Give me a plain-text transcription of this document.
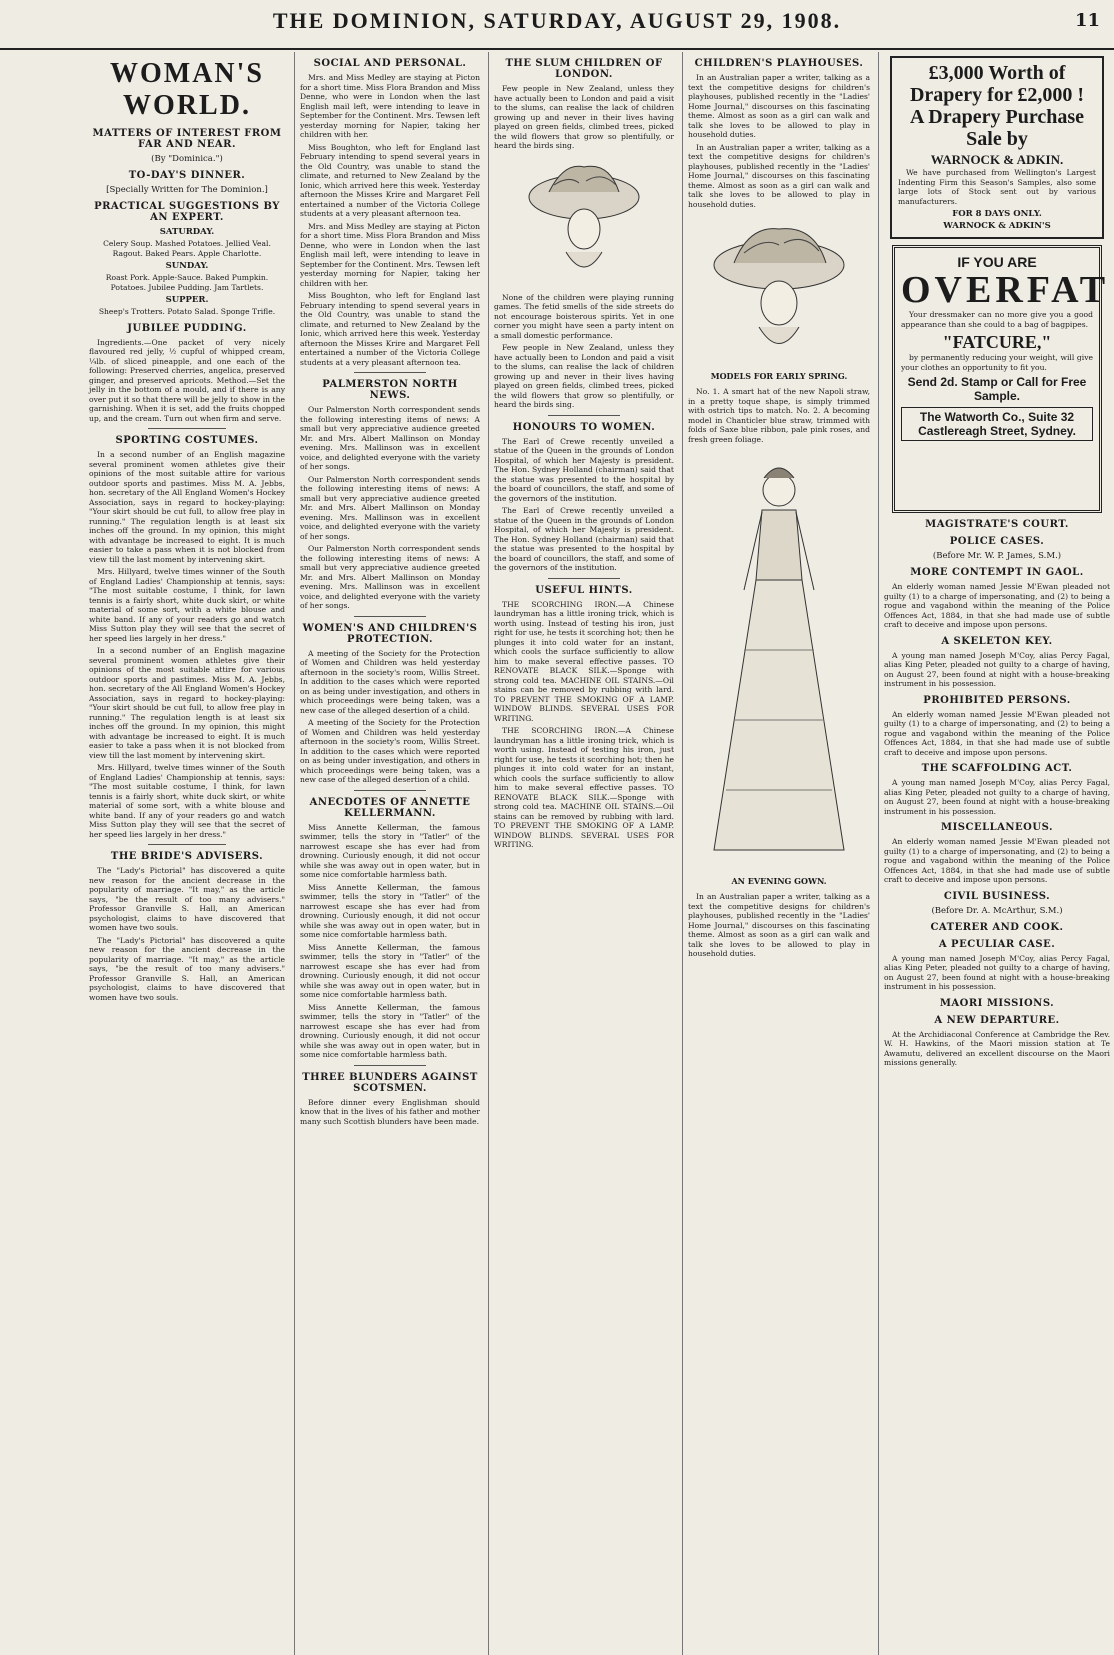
THE DOMINION, SATURDAY, AUGUST 29, 1908.	11
WOMAN'S WORLD.
MATTERS OF INTEREST FROM FAR AND NEAR.
(By "Dominica.")
TO-DAY'S DINNER.
[Specially Written for The Dominion.]
PRACTICAL SUGGESTIONS BY AN EXPERT.
SATURDAY.

Celery Soup. Mashed Potatoes. Jellied Veal. Ragout. Baked Pears. Apple Charlotte.

SUNDAY.

Roast Pork. Apple-Sauce. Baked Pumpkin. Potatoes. Jubilee Pudding. Jam Tartlets.

SUPPER.

Sheep's Trotters. Potato Salad. Sponge Trifle.

JUBILEE PUDDING.

Ingredients.—One packet of very nicely flavoured red jelly, ½ cupful of whipped cream, ¼lb. of sliced pineapple, and one each of the following: Preserved cherries, angelica, preserved ginger, and preserved apricots. Method.—Set the jelly in the bottom of a mould, and if there is any over put it so that there will be jelly to show in the garnishing. When it is set, add the fruits chopped up, and the cream. Turn out when firm and serve.

SPORTING COSTUMES.

In a second number of an English magazine several prominent women athletes give their opinions of the most suitable attire for various outdoor sports and pastimes. Miss M. A. Jebbs, hon. secretary of the All England Women's Hockey Association, says in regard to hockey-playing: "Your skirt should be cut full, to allow free play in running." The regulation length is at least six inches off the ground. In my opinion, this might with advantage be increased to eight. It is much easier to take a pass when it is not blocked from view till the last moment by intervening skirt.

Mrs. Hillyard, twelve times winner of the South of England Ladies' Championship at tennis, says: "The most suitable costume, I think, for lawn tennis is a fairly short, white duck skirt, or white material of some sort, with a white blouse and white band. If any of your readers go and watch Miss Sutton play they will see that the secret of her speed lies largely in her dress."

In a second number of an English magazine several prominent women athletes give their opinions of the most suitable attire for various outdoor sports and pastimes. Miss M. A. Jebbs, hon. secretary of the All England Women's Hockey Association, says in regard to hockey-playing: "Your skirt should be cut full, to allow free play in running." The regulation length is at least six inches off the ground. In my opinion, this might with advantage be increased to eight. It is much easier to take a pass when it is not blocked from view till the last moment by intervening skirt.

Mrs. Hillyard, twelve times winner of the South of England Ladies' Championship at tennis, says: "The most suitable costume, I think, for lawn tennis is a fairly short, white duck skirt, or white material of some sort, with a white blouse and white band. If any of your readers go and watch Miss Sutton play they will see that the secret of her speed lies largely in her dress."

THE BRIDE'S ADVISERS.

The "Lady's Pictorial" has discovered a quite new reason for the ancient decrease in the popularity of marriage. "It may," as the article says, "be the result of too many advisers." Professor Granville S. Hall, an American psychologist, claims to have discovered that women have two souls.

The "Lady's Pictorial" has discovered a quite new reason for the ancient decrease in the popularity of marriage. "It may," as the article says, "be the result of too many advisers." Professor Granville S. Hall, an American psychologist, claims to have discovered that women have two souls.

SOCIAL AND PERSONAL.

Mrs. and Miss Medley are staying at Picton for a short time. Miss Flora Brandon and Miss Denne, who were in London when the last English mail left, were intending to leave in September for the Continent. Mrs. Tewsen left yesterday morning for Napier, taking her children with her.

Miss Boughton, who left for England last February intending to spend several years in the Old Country, was unable to stand the climate, and returned to New Zealand by the Ionic, which arrived here this week. Yesterday afternoon the Misses Krire and Margaret Fell entertained a number of the Victoria College students at a very pleasant afternoon tea.

Mrs. and Miss Medley are staying at Picton for a short time. Miss Flora Brandon and Miss Denne, who were in London when the last English mail left, were intending to leave in September for the Continent. Mrs. Tewsen left yesterday morning for Napier, taking her children with her.

Miss Boughton, who left for England last February intending to spend several years in the Old Country, was unable to stand the climate, and returned to New Zealand by the Ionic, which arrived here this week. Yesterday afternoon the Misses Krire and Margaret Fell entertained a number of the Victoria College students at a very pleasant afternoon tea.

PALMERSTON NORTH NEWS.

Our Palmerston North correspondent sends the following interesting items of news: A small but very appreciative audience greeted Mr. and Mrs. Albert Mallinson on Monday evening. Mrs. Mallinson was in excellent voice, and delighted everyone with the variety of her songs.

Our Palmerston North correspondent sends the following interesting items of news: A small but very appreciative audience greeted Mr. and Mrs. Albert Mallinson on Monday evening. Mrs. Mallinson was in excellent voice, and delighted everyone with the variety of her songs.

Our Palmerston North correspondent sends the following interesting items of news: A small but very appreciative audience greeted Mr. and Mrs. Albert Mallinson on Monday evening. Mrs. Mallinson was in excellent voice, and delighted everyone with the variety of her songs.

WOMEN'S AND CHILDREN'S PROTECTION.

A meeting of the Society for the Protection of Women and Children was held yesterday afternoon in the society's room, Willis Street. In addition to the cases which were reported on as being under investigation, and others in which proceedings were being taken, was a new case of the alleged desertion of a child.

A meeting of the Society for the Protection of Women and Children was held yesterday afternoon in the society's room, Willis Street. In addition to the cases which were reported on as being under investigation, and others in which proceedings were being taken, was a new case of the alleged desertion of a child.

ANECDOTES OF ANNETTE KELLERMANN.

Miss Annette Kellerman, the famous swimmer, tells the story in "Tatler" of the narrowest escape she has ever had from drowning. Curiously enough, it did not occur while she was away out in open water, but in some nice comfortable harmless bath.

Miss Annette Kellerman, the famous swimmer, tells the story in "Tatler" of the narrowest escape she has ever had from drowning. Curiously enough, it did not occur while she was away out in open water, but in some nice comfortable harmless bath.

Miss Annette Kellerman, the famous swimmer, tells the story in "Tatler" of the narrowest escape she has ever had from drowning. Curiously enough, it did not occur while she was away out in open water, but in some nice comfortable harmless bath.

Miss Annette Kellerman, the famous swimmer, tells the story in "Tatler" of the narrowest escape she has ever had from drowning. Curiously enough, it did not occur while she was away out in open water, but in some nice comfortable harmless bath.

THREE BLUNDERS AGAINST SCOTSMEN.

Before dinner every Englishman should know that in the lives of his father and mother many such Scottish blunders have been made.

THE SLUM CHILDREN OF LONDON.

Few people in New Zealand, unless they have actually been to London and paid a visit to the slums, can realise the lack of children growing up and never in their lives having played on green fields, climbed trees, picked the wild flowers that grow so plentifully, or heard the birds sing.

None of the children were playing running games. The fetid smells of the side streets do not encourage boisterous spirits. Yet in one corner you might have seen a party intent on a small domestic performance.

Few people in New Zealand, unless they have actually been to London and paid a visit to the slums, can realise the lack of children growing up and never in their lives having played on green fields, climbed trees, picked the wild flowers that grow so plentifully, or heard the birds sing.

HONOURS TO WOMEN.

The Earl of Crewe recently unveiled a statue of the Queen in the grounds of London Hospital, of which her Majesty is president. The Hon. Sydney Holland (chairman) said that the statue was presented to the hospital by the board of councillors, the staff, and some of the governors of the institution.

The Earl of Crewe recently unveiled a statue of the Queen in the grounds of London Hospital, of which her Majesty is president. The Hon. Sydney Holland (chairman) said that the statue was presented to the hospital by the board of councillors, the staff, and some of the governors of the institution.

USEFUL HINTS.

THE SCORCHING IRON.—A Chinese laundryman has a little ironing trick, which is worth using. Instead of testing his iron, just right for use, he tests it scorching hot; then he plunges it into cold water for an instant, which cools the surface sufficiently to allow him to make several effective passes. TO RENOVATE BLACK SILK.—Sponge with strong cold tea. MACHINE OIL STAINS.—Oil stains can be removed by rubbing with lard. TO PREVENT THE SMOKING OF A LAMP. WINDOW BLINDS. SEVERAL USES FOR WRITING.

THE SCORCHING IRON.—A Chinese laundryman has a little ironing trick, which is worth using. Instead of testing his iron, just right for use, he tests it scorching hot; then he plunges it into cold water for an instant, which cools the surface sufficiently to allow him to make several effective passes. TO RENOVATE BLACK SILK.—Sponge with strong cold tea. MACHINE OIL STAINS.—Oil stains can be removed by rubbing with lard. TO PREVENT THE SMOKING OF A LAMP. WINDOW BLINDS. SEVERAL USES FOR WRITING.

CHILDREN'S PLAYHOUSES.

In an Australian paper a writer, talking as a text the competitive designs for children's playhouses, published recently in the "Ladies' Home Journal," discourses on this fascinating theme. Almost as soon as a girl can walk and talk she loves to be allowed to play in household duties.

In an Australian paper a writer, talking as a text the competitive designs for children's playhouses, published recently in the "Ladies' Home Journal," discourses on this fascinating theme. Almost as soon as a girl can walk and talk she loves to be allowed to play in household duties.

MODELS FOR EARLY SPRING.

No. 1. A smart hat of the new Napoli straw, in a pretty toque shape, is simply trimmed with ostrich tips to match. No. 2. A becoming model in Chanticler blue straw, trimmed with folds of Saxe blue ribbon, pale pink roses, and fresh green foliage.

AN EVENING GOWN.

In an Australian paper a writer, talking as a text the competitive designs for children's playhouses, published recently in the "Ladies' Home Journal," discourses on this fascinating theme. Almost as soon as a girl can walk and talk she loves to be allowed to play in household duties.

£3,000 Worth of Drapery for £2,000 !
A Drapery Purchase Sale by
WARNOCK & ADKIN.

We have purchased from Wellington's Largest Indenting Firm this Season's Samples, also some large lots of Stock sent out by various manufacturers.

FOR 8 DAYS ONLY.
WARNOCK & ADKIN'S
IF YOU ARE
OVERFAT

Your dressmaker can no more give you a good appearance than she could to a bag of bagpipes.

"FATCURE,"

by permanently reducing your weight, will give your clothes an opportunity to fit you.

Send 2d. Stamp or Call for Free Sample.
The Watworth Co., Suite 32 Castlereagh Street, Sydney.
MAGISTRATE'S COURT.
POLICE CASES.
(Before Mr. W. P. James, S.M.)
MORE CONTEMPT IN GAOL.

An elderly woman named Jessie M'Ewan pleaded not guilty (1) to a charge of impersonating, and (2) to being a rogue and vagabond within the meaning of the Police Offences Act, 1884, in that she had made use of subtle craft to deceive and impose upon persons.

A SKELETON KEY.

A young man named Joseph M'Coy, alias Percy Fagal, alias King Peter, pleaded not guilty to a charge of having, on August 27, been found at night with a house-breaking instrument in his possession.

PROHIBITED PERSONS.

An elderly woman named Jessie M'Ewan pleaded not guilty (1) to a charge of impersonating, and (2) to being a rogue and vagabond within the meaning of the Police Offences Act, 1884, in that she had made use of subtle craft to deceive and impose upon persons.

THE SCAFFOLDING ACT.

A young man named Joseph M'Coy, alias Percy Fagal, alias King Peter, pleaded not guilty to a charge of having, on August 27, been found at night with a house-breaking instrument in his possession.

MISCELLANEOUS.

An elderly woman named Jessie M'Ewan pleaded not guilty (1) to a charge of impersonating, and (2) to being a rogue and vagabond within the meaning of the Police Offences Act, 1884, in that she had made use of subtle craft to deceive and impose upon persons.

CIVIL BUSINESS.
(Before Dr. A. McArthur, S.M.)
CATERER AND COOK.
A PECULIAR CASE.

A young man named Joseph M'Coy, alias Percy Fagal, alias King Peter, pleaded not guilty to a charge of having, on August 27, been found at night with a house-breaking instrument in his possession.

MAORI MISSIONS.
A NEW DEPARTURE.

At the Archidiaconal Conference at Cambridge the Rev. W. H. Hawkins, of the Maori mission station at Te Awamutu, delivered an excellent discourse on the Maori missions generally.
